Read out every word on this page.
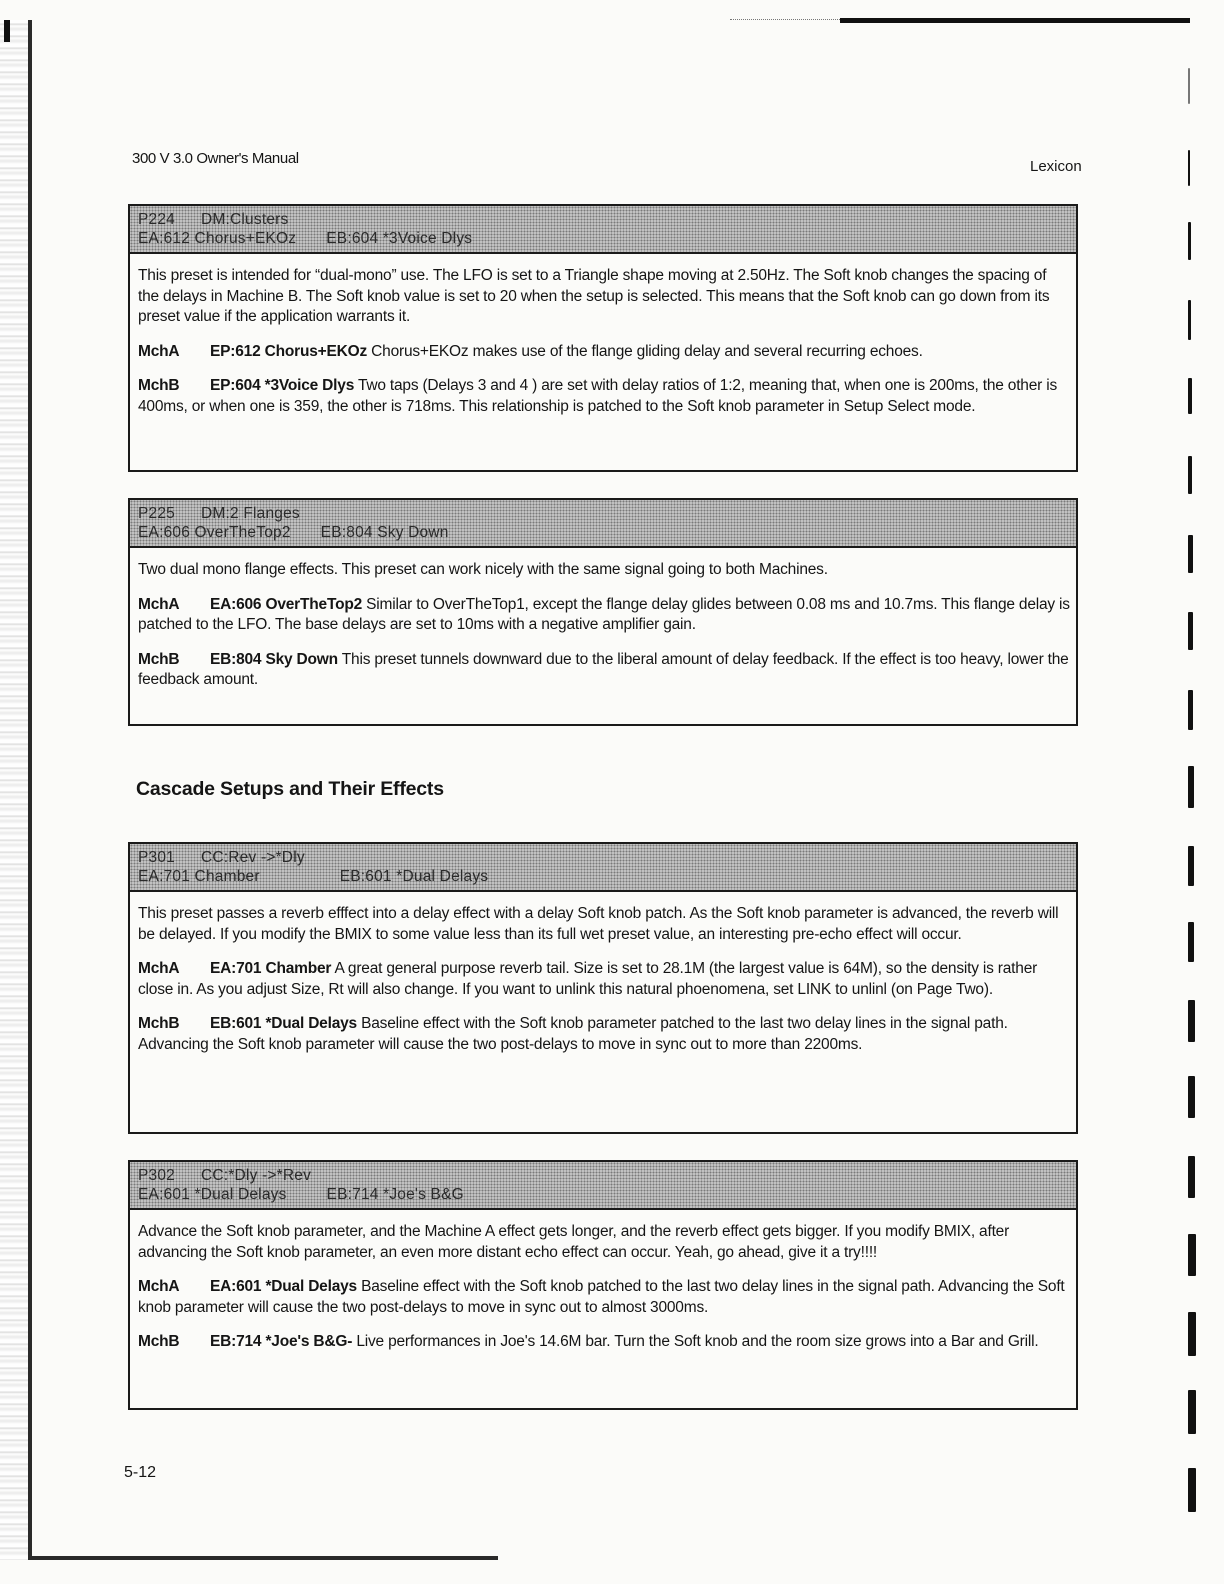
300 V 3.0 Owner's Manual	Lexicon
P224 DM:Clusters
EA:612 Chorus+EKOz EB:604 *3Voice Dlys

This preset is intended for “dual-mono” use. The LFO is set to a Triangle shape moving at 2.50Hz. The Soft knob changes the spacing of the delays in Machine B. The Soft knob value is set to 20 when the setup is selected. This means that the Soft knob can go down from its preset value if the application warrants it.

MchA EP:612 Chorus+EKOz Chorus+EKOz makes use of the flange gliding delay and several recurring echoes.

MchB EP:604 *3Voice Dlys Two taps (Delays 3 and 4 ) are set with delay ratios of 1:2, meaning that, when one is 200ms, the other is 400ms, or when one is 359, the other is 718ms. This relationship is patched to the Soft knob parameter in Setup Select mode.

P225 DM:2 Flanges
EA:606 OverTheTop2 EB:804 Sky Down

Two dual mono flange effects. This preset can work nicely with the same signal going to both Machines.

MchA EA:606 OverTheTop2 Similar to OverTheTop1, except the flange delay glides between 0.08 ms and 10.7ms. This flange delay is patched to the LFO. The base delays are set to 10ms with a negative amplifier gain.

MchB EB:804 Sky Down This preset tunnels downward due to the liberal amount of delay feedback. If the effect is too heavy, lower the feedback amount.

Cascade Setups and Their Effects
P301 CC:Rev ->*Dly
EA:701 Chamber	EB:601 *Dual Delays

This preset passes a reverb efffect into a delay effect with a delay Soft knob patch. As the Soft knob parameter is advanced, the reverb will be delayed. If you modify the BMIX to some value less than its full wet preset value, an interesting pre-echo effect will occur.

MchA EA:701 Chamber A great general purpose reverb tail. Size is set to 28.1M (the largest value is 64M), so the density is rather close in. As you adjust Size, Rt will also change. If you want to unlink this natural phoenomena, set LINK to unlinl (on Page Two).

MchB EB:601 *Dual Delays Baseline effect with the Soft knob parameter patched to the last two delay lines in the signal path. Advancing the Soft knob parameter will cause the two post-delays to move in sync out to more than 2200ms.

P302 CC:*Dly ->*Rev
EA:601 *Dual Delays	EB:714 *Joe's B&G

Advance the Soft knob parameter, and the Machine A effect gets longer, and the reverb effect gets bigger. If you modify BMIX, after advancing the Soft knob parameter, an even more distant echo effect can occur. Yeah, go ahead, give it a try!!!!

MchA EA:601 *Dual Delays Baseline effect with the Soft knob patched to the last two delay lines in the signal path. Advancing the Soft knob parameter will cause the two post-delays to move in sync out to almost 3000ms.

MchB EB:714 *Joe's B&G- Live performances in Joe's 14.6M bar. Turn the Soft knob and the room size grows into a Bar and Grill.

5-12
